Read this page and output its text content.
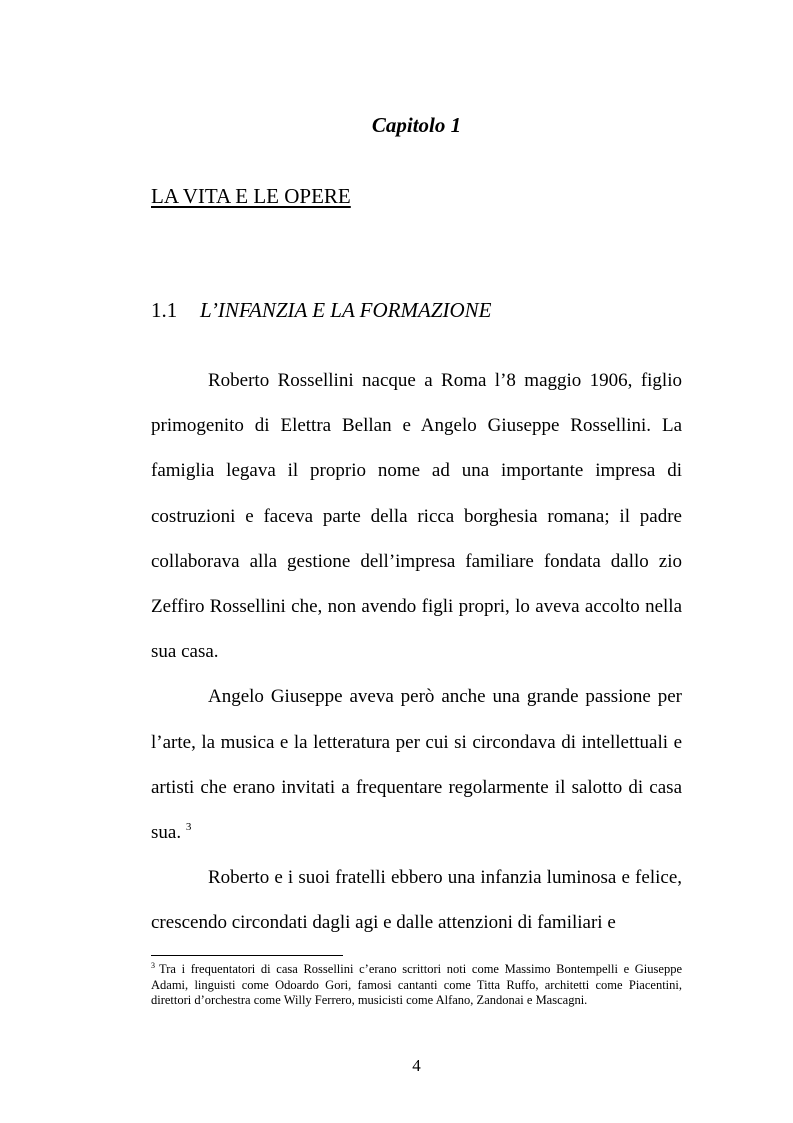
Capitolo 1
LA VITA E LE OPERE
1.1 L’INFANZIA E LA FORMAZIONE

Roberto Rossellini nacque a Roma l’8 maggio 1906, figlio primogenito di Elettra Bellan e Angelo Giuseppe Rossellini. La famiglia legava il proprio nome ad una importante impresa di costruzioni e faceva parte della ricca borghesia romana; il padre collaborava alla gestione dell’impresa familiare fondata dallo zio Zeffiro Rossellini che, non avendo figli propri, lo aveva accolto nella sua casa.

Angelo Giuseppe aveva però anche una grande passione per l’arte, la musica e la letteratura per cui si circondava di intellettuali e artisti che erano invitati a frequentare regolarmente il salotto di casa sua. $^3$

Roberto e i suoi fratelli ebbero una infanzia luminosa e felice, crescendo circondati dagli agi e dalle attenzioni di familiari e

$^3$ Tra i frequentatori di casa Rossellini c’erano scrittori noti come Massimo Bontempelli e Giuseppe Adami, linguisti come Odoardo Gori, famosi cantanti come Titta Ruffo, architetti come Piacentini, direttori d’orchestra come Willy Ferrero, musicisti come Alfano, Zandonai e Mascagni.
4
